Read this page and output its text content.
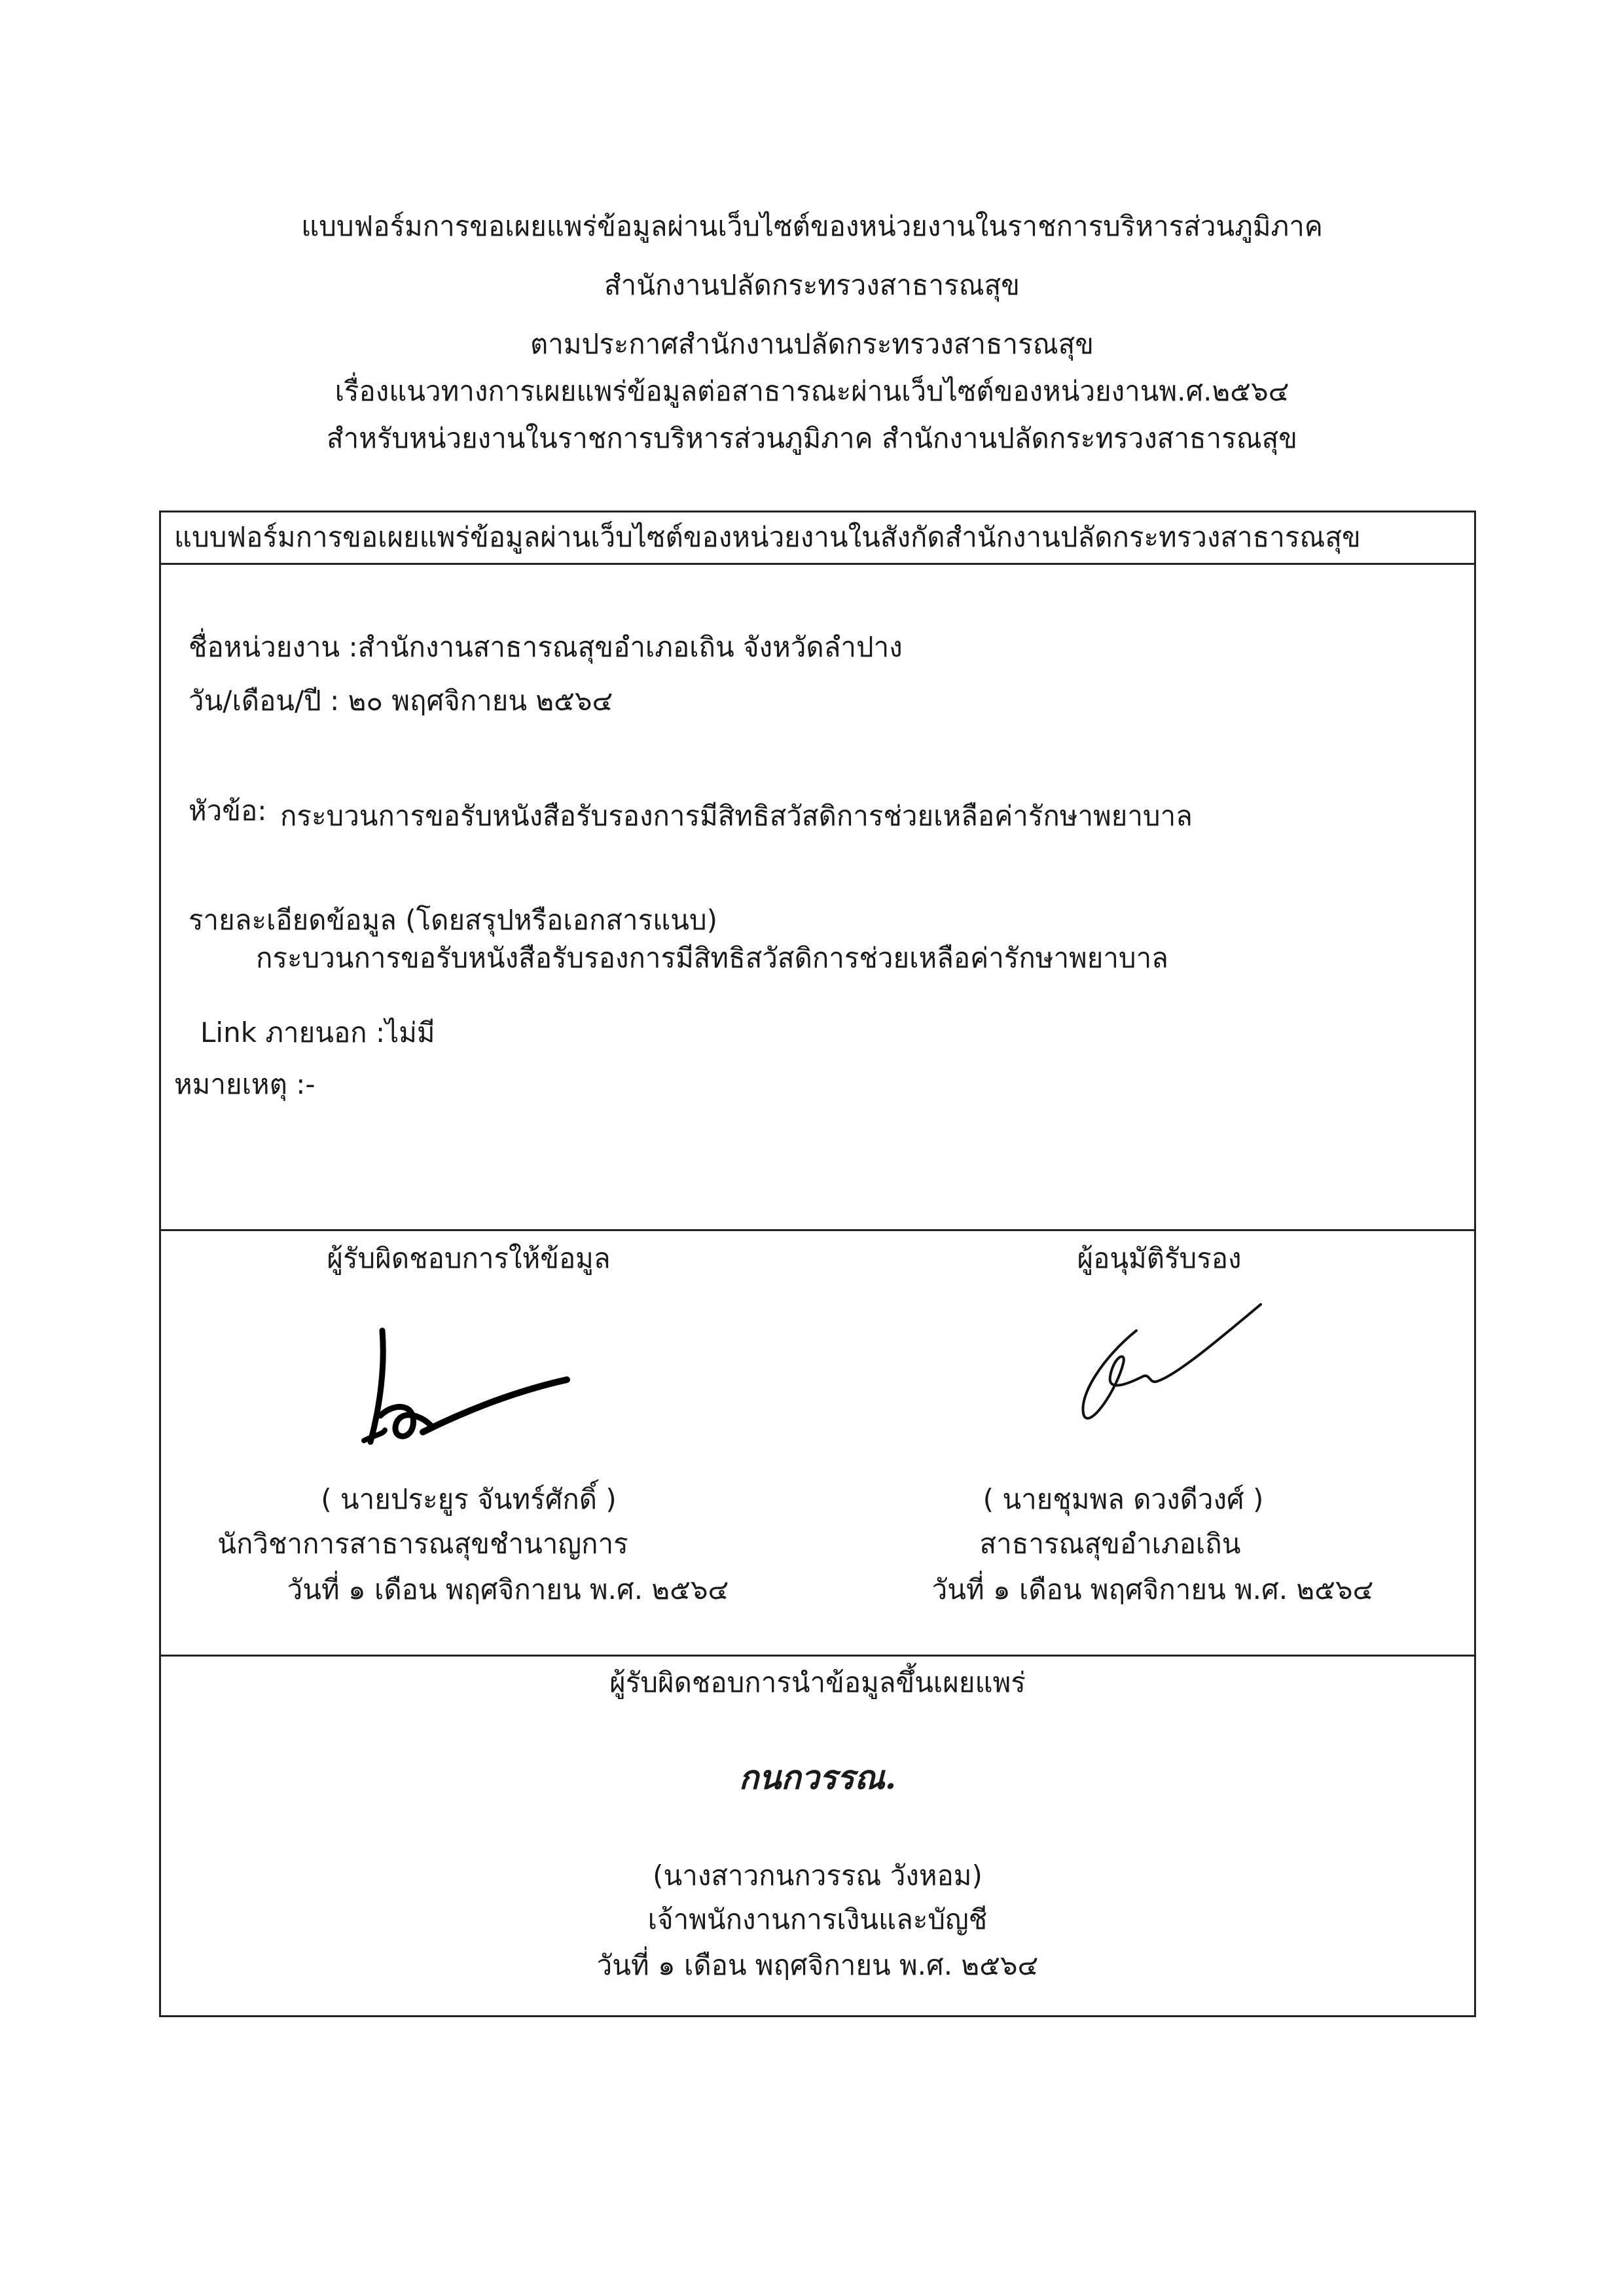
แบบฟอร์มการขอเผยแพร่ข้อมูลผ่านเว็บไซต์ของหน่วยงานในราชการบริหารส่วนภูมิภาค
สำนักงานปลัดกระทรวงสาธารณสุข
ตามประกาศสำนักงานปลัดกระทรวงสาธารณสุข
เรื่องแนวทางการเผยแพร่ข้อมูลต่อสาธารณะผ่านเว็บไซต์ของหน่วยงานพ.ศ.๒๕๖๔
สำหรับหน่วยงานในราชการบริหารส่วนภูมิภาค สำนักงานปลัดกระทรวงสาธารณสุข
แบบฟอร์มการขอเผยแพร่ข้อมูลผ่านเว็บไซต์ของหน่วยงานในสังกัดสำนักงานปลัดกระทรวงสาธารณสุข
ชื่อหน่วยงาน :สำนักงานสาธารณสุขอำเภอเถิน จังหวัดลำปาง
วัน/เดือน/ปี : ๒๐ พฤศจิกายน ๒๕๖๔
หัวข้อ: กระบวนการขอรับหนังสือรับรองการมีสิทธิสวัสดิการช่วยเหลือค่ารักษาพยาบาล
รายละเอียดข้อมูล (โดยสรุปหรือเอกสารแนบ)
กระบวนการขอรับหนังสือรับรองการมีสิทธิสวัสดิการช่วยเหลือค่ารักษาพยาบาล
Link ภายนอก :ไม่มี
หมายเหตุ :-
ผู้รับผิดชอบการให้ข้อมูล
( นายประยูร จันทร์ศักดิ์ )
นักวิชาการสาธารณสุขชำนาญการ
วันที่ ๑ เดือน พฤศจิกายน พ.ศ. ๒๕๖๔
ผู้อนุมัติรับรอง
( นายชุมพล ดวงดีวงศ์ )
สาธารณสุขอำเภอเถิน
วันที่ ๑ เดือน พฤศจิกายน พ.ศ. ๒๕๖๔
ผู้รับผิดชอบการนำข้อมูลขึ้นเผยแพร่
กนกวรรณ.
(นางสาวกนกวรรณ วังหอม)
เจ้าพนักงานการเงินและบัญชี
วันที่ ๑ เดือน พฤศจิกายน พ.ศ. ๒๕๖๔
